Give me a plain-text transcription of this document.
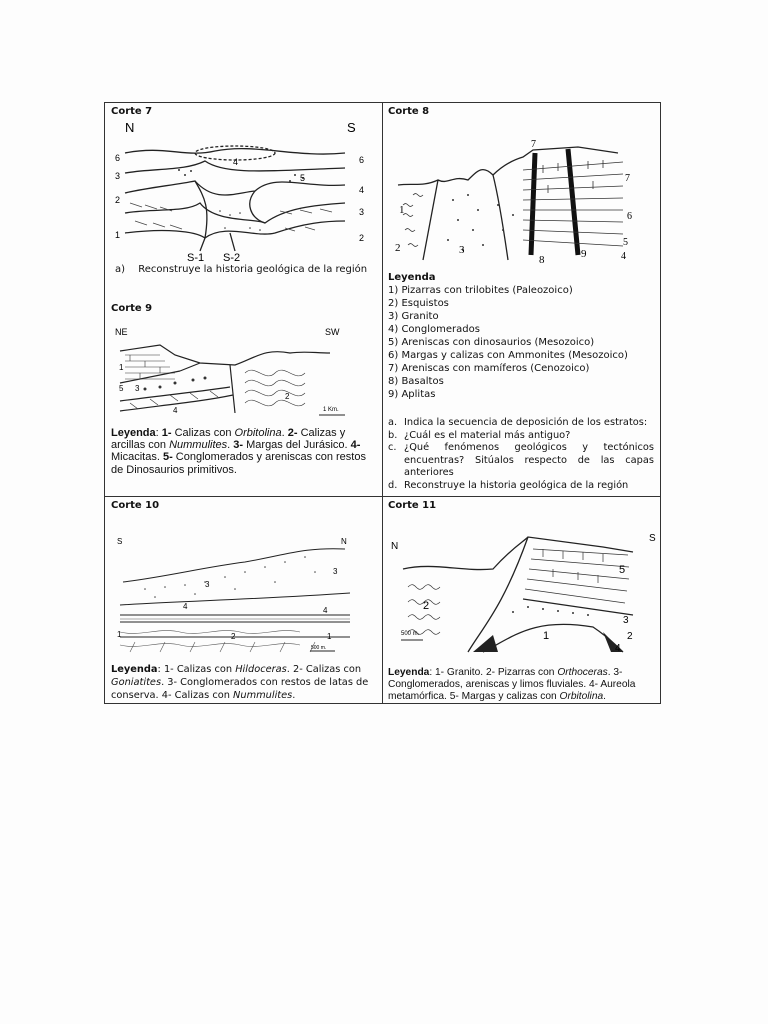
Corte 7
N	S
6
3
2
1
6
5
4
3
2
4
S-1 S-2
a) Reconstruye la historia geológica de la región
Corte 9
NE	SW
1
5 3
4
2
1 Km.
Leyenda: 1- Calizas con Orbitolina. 2- Calizas y arcillas con Nummulites. 3- Margas del Jurásico. 4- Micacitas. 5- Conglomerados y areniscas con restos de Dinosaurios primitivos.
Corte 8
7
7
1
2	3
8	9	4
5
6
Leyenda
1) Pizarras con trilobites (Paleozoico)
2) Esquistos
3) Granito
4) Conglomerados
5) Areniscas con dinosaurios (Mesozoico)
6) Margas y calizas con Ammonites (Mesozoico)
7) Areniscas con mamíferos (Cenozoico)
8) Basaltos
9) Aplitas
a. Indica la secuencia de deposición de los estratos:
b. ¿Cuál es el material más antiguo?
c. ¿Qué fenómenos geológicos y tectónicos
encuentras? Sitúalos respecto de las capas
anteriores
d. Reconstruye la historia geológica de la región
Corte 10
S	N
3
3
4	4
1	2	1
500 m.
Leyenda: 1- Calizas con Hildoceras. 2- Calizas con Goniatites. 3- Conglomerados con restos de latas de conserva. 4- Calizas con Nummulites.
Corte 11
N
S
5
2
3
1	2
4
500 m.
Leyenda: 1- Granito. 2- Pizarras con Orthoceras. 3- Conglomerados, areniscas y limos fluviales. 4- Aureola metamórfica. 5- Margas y calizas con Orbitolina.
